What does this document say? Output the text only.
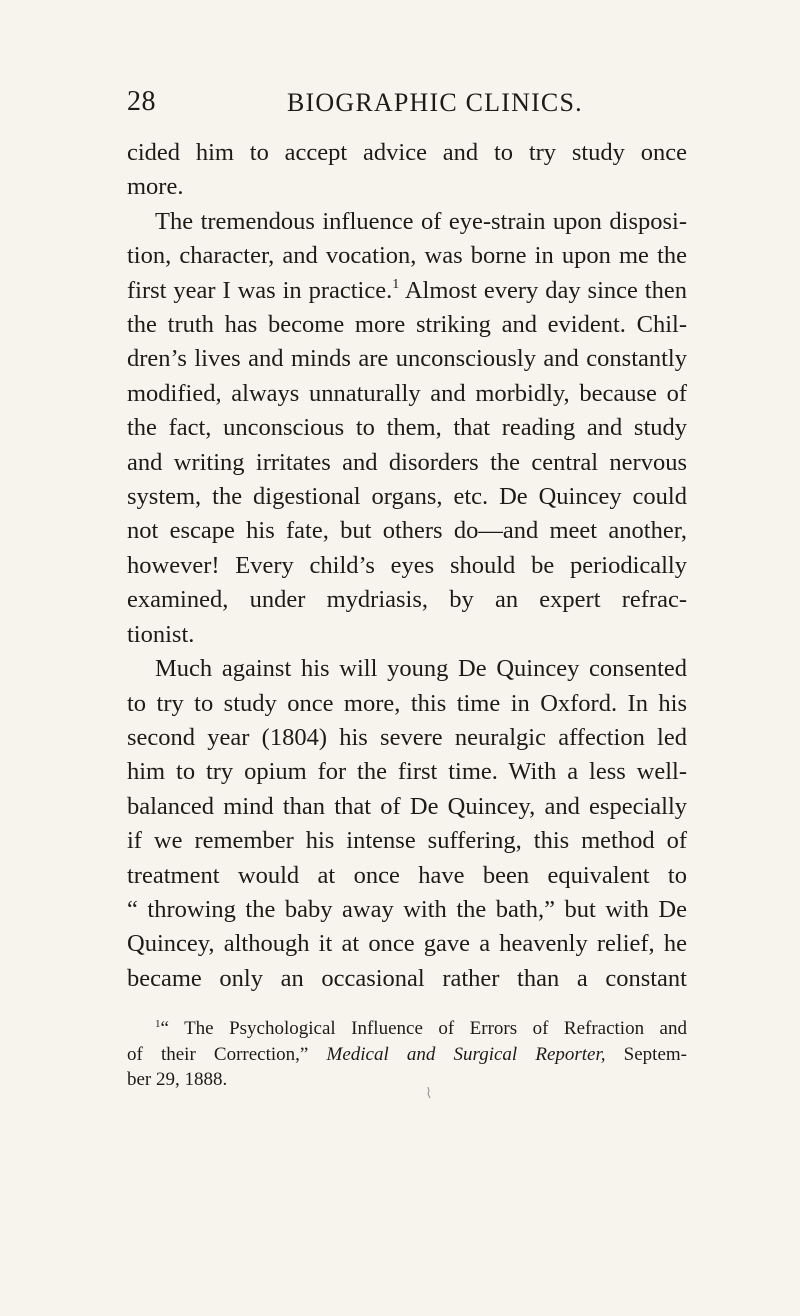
28	BIOGRAPHIC CLINICS.

cided him to accept advice and to try study once
more.

The tremendous influence of eye-strain upon disposi-
tion, character, and vocation, was borne in upon me the
first year I was in practice.$^1$ Almost every day since then
the truth has become more striking and evident. Chil-
dren’s lives and minds are unconsciously and constantly
modified, always unnaturally and morbidly, because of
the fact, unconscious to them, that reading and study
and writing irritates and disorders the central nervous
system, the digestional organs, etc. De Quincey could
not escape his fate, but others do—and meet another,
however! Every child’s eyes should be periodically
examined, under mydriasis, by an expert refrac-
tionist.

Much against his will young De Quincey consented
to try to study once more, this time in Oxford. In his
second year (1804) his severe neuralgic affection led
him to try opium for the first time. With a less well-
balanced mind than that of De Quincey, and especially
if we remember his intense suffering, this method of
treatment would at once have been equivalent to
“ throwing the baby away with the bath,” but with De
Quincey, although it at once gave a heavenly relief, he
became only an occasional rather than a constant

$^1$“ The Psychological Influence of Errors of Refraction and
of their Correction,” Medical and Surgical Reporter, Septem-
ber 29, 1888.
